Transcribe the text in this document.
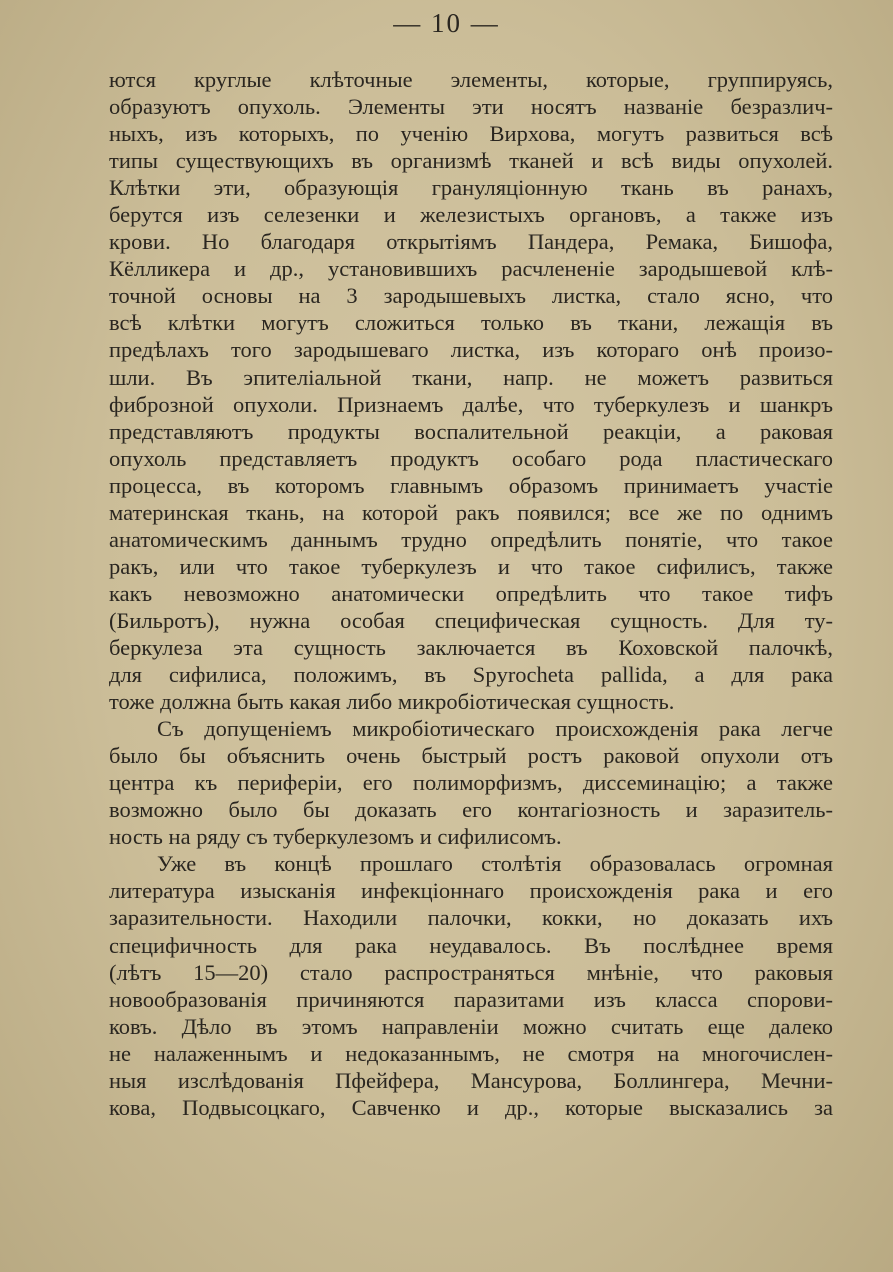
— 10 —
ются круглые клѣточные элементы, которые, группируясь,
образуютъ опухоль. Элементы эти носятъ названіе безразлич-
ныхъ, изъ которыхъ, по ученію Вирхова, могутъ развиться всѣ
типы существующихъ въ организмѣ тканей и всѣ виды опухолей.
Клѣтки эти, образующія грануляціонную ткань въ ранахъ,
берутся изъ селезенки и железистыхъ органовъ, а также изъ
крови. Но благодаря открытіямъ Пандера, Ремака, Бишофа,
Кёлликера и др., установившихъ расчлененіе зародышевой клѣ-
точной основы на 3 зародышевыхъ листка, стало ясно, что
всѣ клѣтки могутъ сложиться только въ ткани, лежащія въ
предѣлахъ того зародышеваго листка, изъ котораго онѣ произо-
шли. Въ эпителіальной ткани, напр. не можетъ развиться
фиброзной опухоли. Признаемъ далѣе, что туберкулезъ и шанкръ
представляютъ продукты воспалительной реакціи, а раковая
опухоль представляетъ продуктъ особаго рода пластическаго
процесса, въ которомъ главнымъ образомъ принимаетъ участіе
материнская ткань, на которой ракъ появился; все же по однимъ
анатомическимъ даннымъ трудно опредѣлить понятіе, что такое
ракъ, или что такое туберкулезъ и что такое сифилисъ, также
какъ невозможно анатомически опредѣлить что такое тифъ
(Бильротъ), нужна особая специфическая сущность. Для ту-
беркулеза эта сущность заключается въ Коховской палочкѣ,
для сифилиса, положимъ, въ Spyrochеta pallida, а для рака
тоже должна быть какая либо микробіотическая сущность.
Съ допущеніемъ микробіотическаго происхожденія рака легче
было бы объяснить очень быстрый ростъ раковой опухоли отъ
центра къ периферіи, его полиморфизмъ, диссеминацію; а также
возможно было бы доказать его контагіозность и заразитель-
ность на ряду съ туберкулезомъ и сифилисомъ.
Уже въ концѣ прошлаго столѣтія образовалась огромная
литература изысканія инфекціоннаго происхожденія рака и его
заразительности. Находили палочки, кокки, но доказать ихъ
специфичность для рака неудавалось. Въ послѣднее время
(лѣтъ 15—20) стало распространяться мнѣніе, что раковыя
новообразованія причиняются паразитами изъ класса спорови-
ковъ. Дѣло въ этомъ направленіи можно считать еще далеко
не налаженнымъ и недоказаннымъ, не смотря на многочислен-
ныя изслѣдованія Пфейфера, Мансурова, Боллингера, Мечни-
кова, Подвысоцкаго, Савченко и др., которые высказались за
